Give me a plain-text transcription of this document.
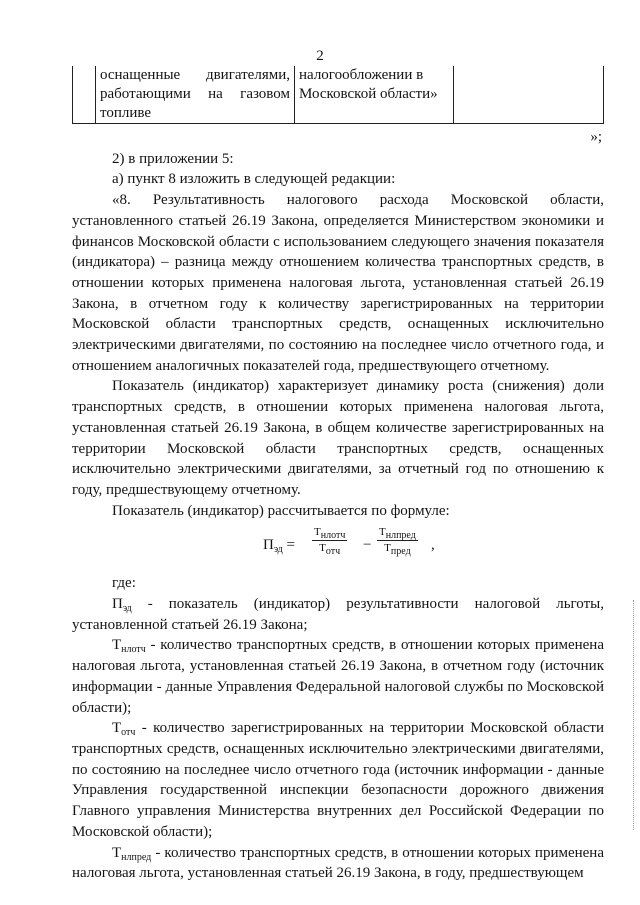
2
	оснащенные двигателями, работающими на газовом топливе	налогообложении в Московской области»	

»;

2) в приложении 5:

а) пункт 8 изложить в следующей редакции:

«8. Результативность налогового расхода Московской области, установленного статьей 26.19 Закона, определяется Министерством экономики и финансов Московской области с использованием следующего значения показателя (индикатора) – разница между отношением количества транспортных средств, в отношении которых применена налоговая льгота, установленная статьей 26.19 Закона, в отчетном году к количеству зарегистрированных на территории Московской области транспортных средств, оснащенных исключительно электрическими двигателями, по состоянию на последнее число отчетного года, и отношением аналогичных показателей года, предшествующего отчетному.

Показатель (индикатор) характеризует динамику роста (снижения) доли транспортных средств, в отношении которых применена налоговая льгота, установленная статьей 26.19 Закона, в общем количестве зарегистрированных на территории Московской области транспортных средств, оснащенных исключительно электрическими двигателями, за отчетный год по отношению к году, предшествующему отчетному.

Показатель (индикатор) рассчитывается по формуле:

$П_{эд}$ =
$Т_{нлотч}$
$Т_{отч}$	−
$Т_{нлпред}$
$Т_{пред}$	,

где:

$П_{эд}$ - показатель (индикатор) результативности налоговой льготы, установленной статьей 26.19 Закона;

$Т_{нлотч}$ - количество транспортных средств, в отношении которых применена налоговая льгота, установленная статьей 26.19 Закона, в отчетном году (источник информации - данные Управления Федеральной налоговой службы по Московской области);

$Т_{отч}$ - количество зарегистрированных на территории Московской области транспортных средств, оснащенных исключительно электрическими двигателями, по состоянию на последнее число отчетного года (источник информации - данные Управления государственной инспекции безопасности дорожного движения Главного управления Министерства внутренних дел Российской Федерации по Московской области);

$Т_{нлпред}$ - количество транспортных средств, в отношении которых применена налоговая льгота, установленная статьей 26.19 Закона, в году, предшествующем
